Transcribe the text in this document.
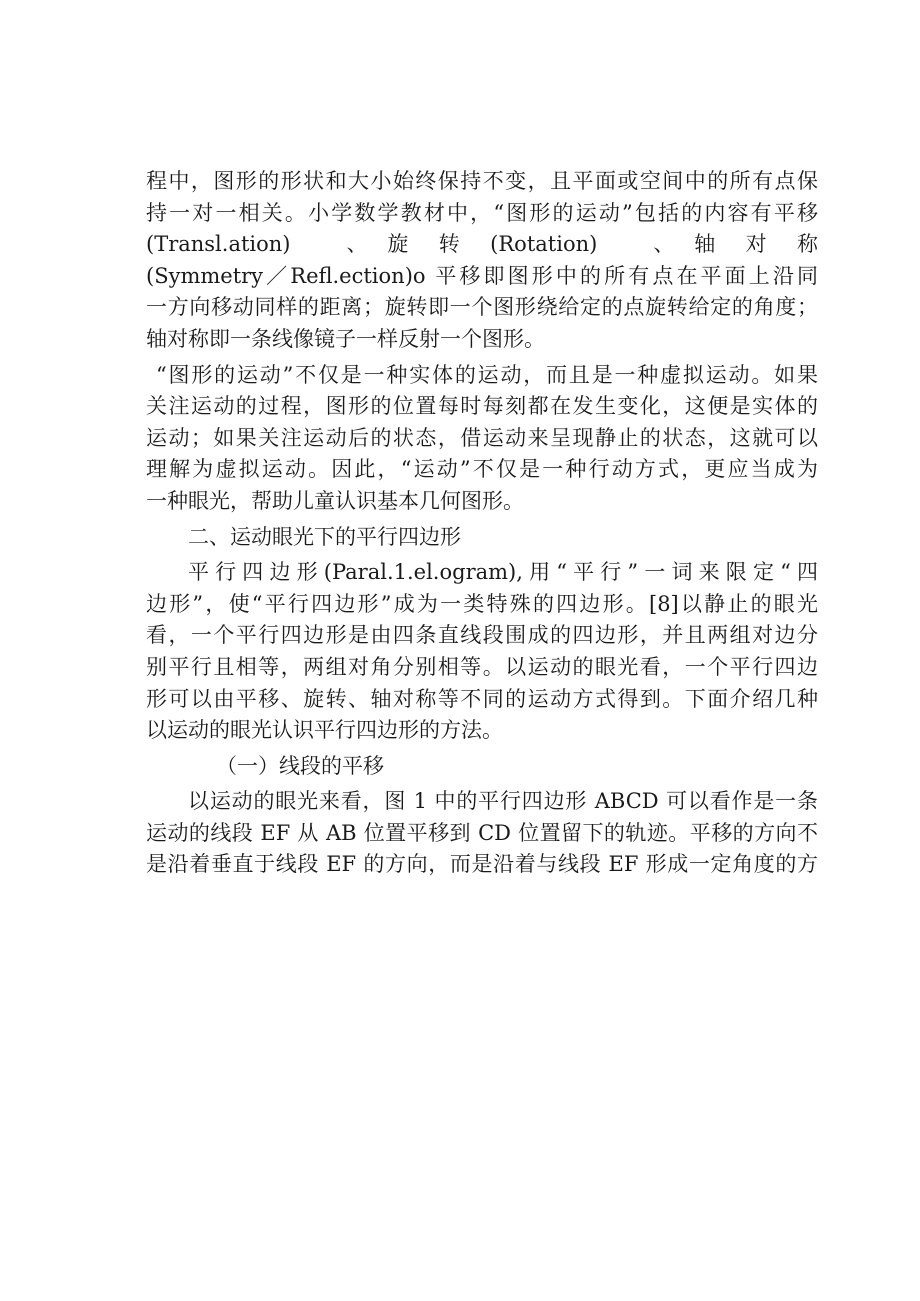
程中，图形的形状和大小始终保持不变，且平面或空间中的所有点保
持一对一相关。小学数学教材中，“图形的运动”包括的内容有平移
(Transl.ation)　　、　旋　转　(Rotation)　　、　轴　对　称
(Symmetry／Refl.ection)o 平移即图形中的所有点在平面上沿同
一方向移动同样的距离；旋转即一个图形绕给定的点旋转给定的角度；
轴对称即一条线像镜子一样反射一个图形。

“图形的运动”不仅是一种实体的运动，而且是一种虚拟运动。如果
关注运动的过程，图形的位置每时每刻都在发生变化，这便是实体的
运动；如果关注运动后的状态，借运动来呈现静止的状态，这就可以
理解为虚拟运动。因此，“运动”不仅是一种行动方式，更应当成为
一种眼光，帮助儿童认识基本几何图形。

二、运动眼光下的平行四边形

平行四边形(Paral.1.el.ogram),用“平行”一词来限定“四
边形”，使“平行四边形”成为一类特殊的四边形。[8]以静止的眼光
看，一个平行四边形是由四条直线段围成的四边形，并且两组对边分
别平行且相等，两组对角分别相等。以运动的眼光看，一个平行四边
形可以由平移、旋转、轴对称等不同的运动方式得到。下面介绍几种
以运动的眼光认识平行四边形的方法。

（一）线段的平移

以运动的眼光来看，图 1 中的平行四边形 ABCD 可以看作是一条
运动的线段 EF 从 AB 位置平移到 CD 位置留下的轨迹。平移的方向不
是沿着垂直于线段 EF 的方向，而是沿着与线段 EF 形成一定角度的方
